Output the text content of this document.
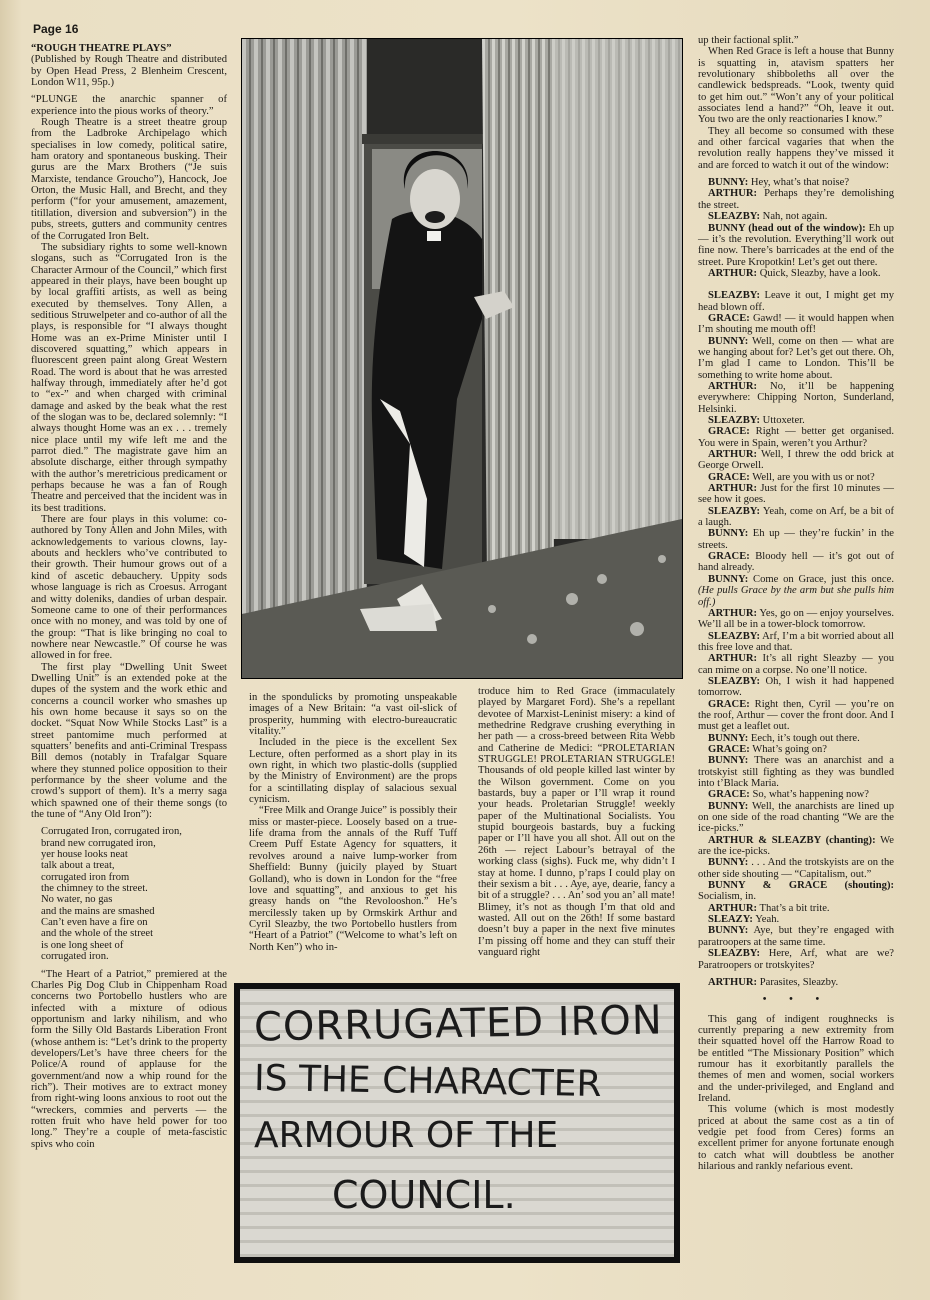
Page 16

“ROUGH THEATRE PLAYS”

(Published by Rough Theatre and distributed by Open Head Press, 2 Blenheim Crescent, London W11, 95p.)

“PLUNGE the anarchic spanner of experience into the pious works of theory.”

Rough Theatre is a street theatre group from the Ladbroke Archipelago which specialises in low comedy, political satire, ham oratory and spontaneous busking. Their gurus are the Marx Brothers (“Je suis Marxiste, tendance Groucho”), Hancock, Joe Orton, the Music Hall, and Brecht, and they perform (“for your amusement, amazement, titillation, diversion and subversion”) in the pubs, streets, gutters and community centres of the Corrugated Iron Belt.

The subsidiary rights to some well-known slogans, such as “Corrugated Iron is the Character Armour of the Council,” which first appeared in their plays, have been bought up by local graffiti artists, as well as being executed by themselves. Tony Allen, a seditious Struwelpeter and co-author of all the plays, is responsible for “I always thought Home was an ex-Prime Minister until I discovered squatting,” which appears in fluorescent green paint along Great Western Road. The word is about that he was arrested halfway through, immediately after he’d got to “ex-” and when charged with criminal damage and asked by the beak what the rest of the slogan was to be, declared solemnly: “I always thought Home was an ex . . . tremely nice place until my wife left me and the parrot died.” The magistrate gave him an absolute discharge, either through sympathy with the author’s meretricious predicament or perhaps because he was a fan of Rough Theatre and perceived that the incident was in its best traditions.

There are four plays in this volume: co-authored by Tony Allen and John Miles, with acknowledgements to various clowns, lay-abouts and hecklers who’ve contributed to their growth. Their humour grows out of a kind of ascetic debauchery. Uppity sods whose language is rich as Croesus. Arrogant and witty doleniks, dandies of urban despair. Someone came to one of their performances once with no money, and was told by one of the group: “That is like bringing no coal to nowhere near Newcastle.” Of course he was allowed in for free.

The first play “Dwelling Unit Sweet Dwelling Unit” is an extended poke at the dupes of the system and the work ethic and concerns a council worker who smashes up his own home because it says so on the docket. “Squat Now While Stocks Last” is a street pantomime much performed at squatters’ benefits and anti-Criminal Trespass Bill demos (notably in Trafalgar Square where they stunned police opposition to their performance by the sheer volume and the crowd’s support of them). It’s a merry saga which spawned one of their theme songs (to the tune of “Any Old Iron”):

Corrugated Iron, corrugated iron,
brand new corrugated iron,
yer house looks neat
talk about a treat,
corrugated iron from
the chimney to the street.
No water, no gas
and the mains are smashed
Can’t even have a fire on
and the whole of the street
is one long sheet of
corrugated iron.

“The Heart of a Patriot,” premiered at the Charles Pig Dog Club in Chippenham Road concerns two Portobello hustlers who are infected with a mixture of odious opportunism and larky nihilism, and who form the Silly Old Bastards Liberation Front (whose anthem is: “Let’s drink to the property developers/Let’s have three cheers for the Police/A round of applause for the government/and now a whip round for the rich”). Their motives are to extract money from right-wing loons anxious to root out the “wreckers, commies and perverts — the rotten fruit who have held power for too long.” They’re a couple of meta-fascistic spivs who coin

in the spondulicks by promoting unspeakable images of a New Britain: “a vast oil-slick of prosperity, humming with electro-bureaucratic vitality.”

Included in the piece is the excellent Sex Lecture, often performed as a short play in its own right, in which two plastic-dolls (supplied by the Ministry of Environment) are the props for a scintillating display of salacious sexual cynicism.

“Free Milk and Orange Juice” is possibly their miss or master-piece. Loosely based on a true-life drama from the annals of the Ruff Tuff Creem Puff Estate Agency for squatters, it revolves around a naive lump-worker from Sheffield: Bunny (juicily played by Stuart Golland), who is down in London for the “free love and squatting”, and anxious to get his greasy hands on “the Revolooshon.” He’s mercilessly taken up by Ormskirk Arthur and Cyril Sleazby, the two Portobello hustlers from “Heart of a Patriot” (“Welcome to what’s left on North Ken”) who in-

troduce him to Red Grace (immaculately played by Margaret Ford). She’s a repellant devotee of Marxist-Leninist misery: a kind of methedrine Redgrave crushing everything in her path — a cross-breed between Rita Webb and Catherine de Medici: “PROLETARIAN STRUGGLE! PROLETARIAN STRUGGLE! Thousands of old people killed last winter by the Wilson government. Come on you bastards, buy a paper or I’ll wrap it round your heads. Proletarian Struggle! weekly paper of the Multinational Socialists. You stupid bourgeois bastards, buy a fucking paper or I’ll have you all shot. All out on the 26th — reject Labour’s betrayal of the working class (sighs). Fuck me, why didn’t I stay at home. I dunno, p’raps I could play on their sexism a bit . . . Aye, aye, dearie, fancy a bit of a struggle? . . . An’ sod you an’ all mate! Blimey, it’s not as though I’m that old and wasted. All out on the 26th! If some bastard doesn’t buy a paper in the next five minutes I’m pissing off home and they can stuff their vanguard right

CORRUGATED IRON
IS THE CHARACTER
ARMOUR OF THE
COUNCIL.

up their factional split.”

When Red Grace is left a house that Bunny is squatting in, atavism spatters her revolutionary shibboleths all over the candlewick bedspreads. “Look, twenty quid to get him out.” “Won’t any of your political associates lend a hand?” “Oh, leave it out. You two are the only reactionaries I know.”

They all become so consumed with these and other farcical vagaries that when the revolution really happens they’ve missed it and are forced to watch it out of the window:

BUNNY: Hey, what’s that noise?

ARTHUR: Perhaps they’re demolishing the street.

SLEAZBY: Nah, not again.

BUNNY (head out of the window): Eh up — it’s the revolution. Everything’ll work out fine now. There’s barricades at the end of the street. Pure Kropotkin! Let’s get out there.

ARTHUR: Quick, Sleazby, have a look.

SLEAZBY: Leave it out, I might get my head blown off.

GRACE: Gawd! — it would happen when I’m shouting me mouth off!

BUNNY: Well, come on then — what are we hanging about for? Let’s get out there. Oh, I’m glad I came to London. This’ll be something to write home about.

ARTHUR: No, it’ll be happening everywhere: Chipping Norton, Sunderland, Helsinki.

SLEAZBY: Uttoxeter.

GRACE: Right — better get organised. You were in Spain, weren’t you Arthur?

ARTHUR: Well, I threw the odd brick at George Orwell.

GRACE: Well, are you with us or not?

ARTHUR: Just for the first 10 minutes — see how it goes.

SLEAZBY: Yeah, come on Arf, be a bit of a laugh.

BUNNY: Eh up — they’re fuckin’ in the streets.

GRACE: Bloody hell — it’s got out of hand already.

BUNNY: Come on Grace, just this once. (He pulls Grace by the arm but she pulls him off.)

ARTHUR: Yes, go on — enjoy yourselves. We’ll all be in a tower-block tomorrow.

SLEAZBY: Arf, I’m a bit worried about all this free love and that.

ARTHUR: It’s all right Sleazby — you can mime on a corpse. No one’ll notice.

SLEAZBY: Oh, I wish it had happened tomorrow.

GRACE: Right then, Cyril — you’re on the roof, Arthur — cover the front door. And I must get a leaflet out.

BUNNY: Eech, it’s tough out there.

GRACE: What’s going on?

BUNNY: There was an anarchist and a trotskyist still fighting as they was bundled into t’Black Maria.

GRACE: So, what’s happening now?

BUNNY: Well, the anarchists are lined up on one side of the road chanting “We are the ice-picks.”

ARTHUR & SLEAZBY (chanting): We are the ice-picks.

BUNNY: . . . And the trotskyists are on the other side shouting — “Capitalism, out.”

BUNNY & GRACE (shouting): Socialism, in.

ARTHUR: That’s a bit trite.

SLEAZY: Yeah.

BUNNY: Aye, but they’re engaged with paratroopers at the same time.

SLEAZBY: Here, Arf, what are we? Paratroopers or trotskyites?

ARTHUR: Parasites, Sleazby.

• • •

This gang of indigent roughnecks is currently preparing a new extremity from their squatted hovel off the Harrow Road to be entitled “The Missionary Position” which rumour has it exorbitantly parallels the themes of men and women, social workers and the under-privileged, and England and Ireland.

This volume (which is most modestly priced at about the same cost as a tin of vedgie pet food from Ceres) forms an excellent primer for anyone fortunate enough to catch what will doubtless be another hilarious and rankly nefarious event.
